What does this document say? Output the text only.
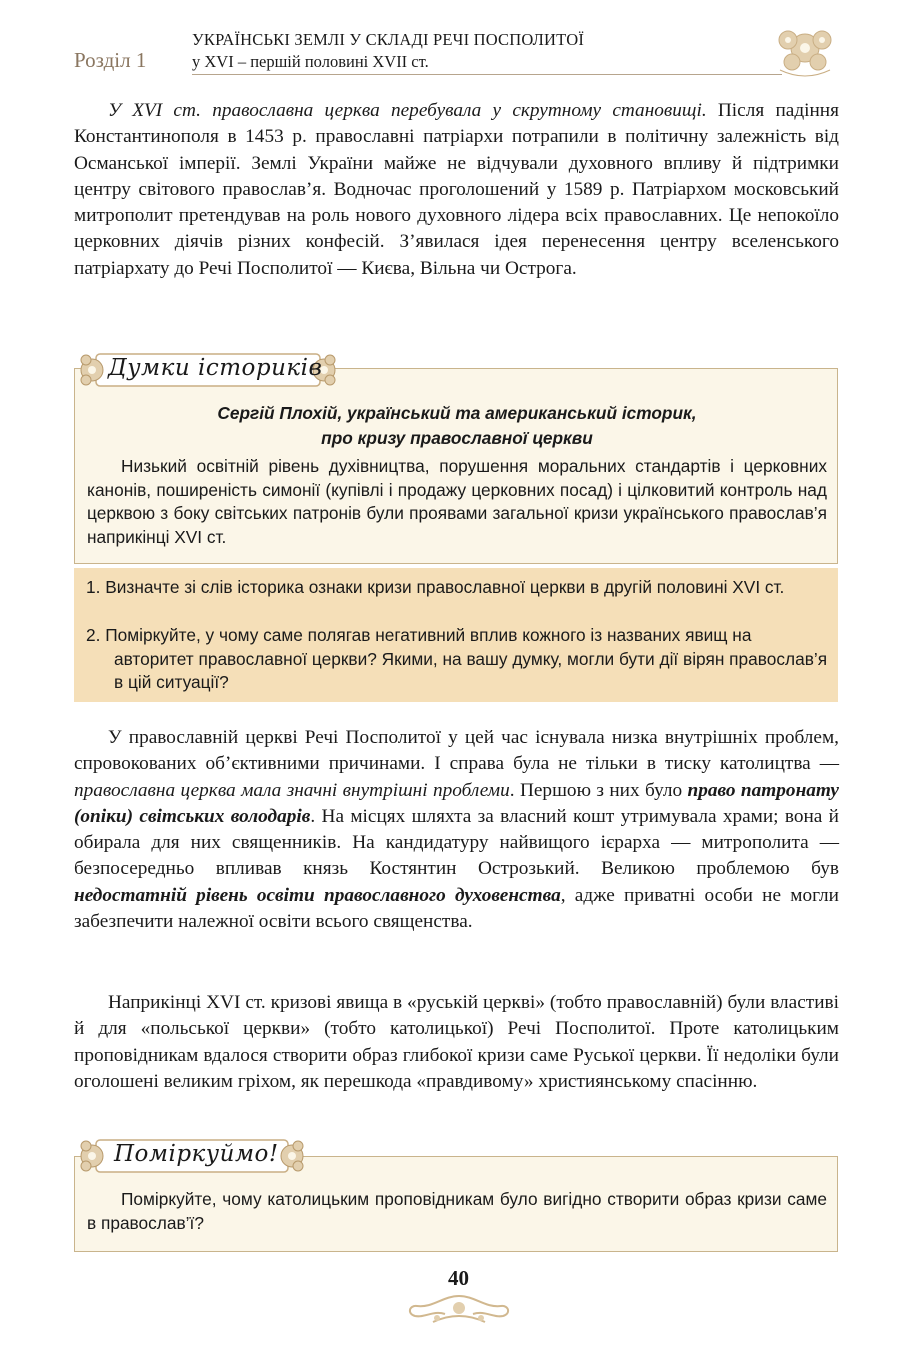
Розділ 1
УКРАЇНСЬКІ ЗЕМЛІ У СКЛАДІ РЕЧІ ПОСПОЛИТОЇ
у XVI – першій половині XVII ст.

У XVI ст. православна церква перебувала у скрутному становищі. Після падіння Константинополя в 1453 р. православні патріархи потрапили в політичну залежність від Османської імперії. Землі України майже не відчували духовного впливу й підтримки центру світового православ’я. Водночас проголошений у 1589 р. Патріархом московський митрополит претендував на роль нового духовного лідера всіх православних. Це непокоїло церковних діячів різних конфесій. З’явилася ідея перенесення центру вселенського патріархату до Речі Посполитої — Києва, Вільна чи Острога.

Сергій Плохій, український та американський історик,
про кризу православної церкви

Низький освітній рівень духівництва, порушення моральних стандартів і церковних канонів, поширеність симонії (купівлі і продажу церковних посад) і цілковитий контроль над церквою з боку світських патронів були проявами загальної кризи українського православ’я наприкінці XVI ст.

Думки істориків

1. Визначте зі слів історика ознаки кризи православної церкви в другій половині XVI ст.

2. Поміркуйте, у чому саме полягав негативний вплив кожного із названих явищ на авторитет православної церкви? Якими, на вашу думку, могли бути дії вірян православ’я в цій ситуації?

У православній церкві Речі Посполитої у цей час існувала низка внутрішніх проблем, спровокованих об’єктивними причинами. І справа була не тільки в тиску католицтва — православна церква мала значні внутрішні проблеми. Першою з них було право патронату (опіки) світських володарів. На місцях шляхта за власний кошт утримувала храми; вона й обирала для них священників. На кандидатуру найвищого ієрарха — митрополита — безпосередньо впливав князь Костянтин Острозький. Великою проблемою був недостатній рівень освіти православного духовенства, адже приватні особи не могли забезпечити належної освіти всього священства.

Наприкінці XVI ст. кризові явища в «руській церкві» (тобто православній) були властиві й для «польської церкви» (тобто католицької) Речі Посполитої. Проте католицьким проповідникам вдалося створити образ глибокої кризи саме Руської церкви. Її недоліки були оголошені великим гріхом, як перешкода «правдивому» християнському спасінню.

Поміркуйте, чому католицьким проповідникам було вигідно створити образ кризи саме в православ’ї?

Поміркуймо!
40
